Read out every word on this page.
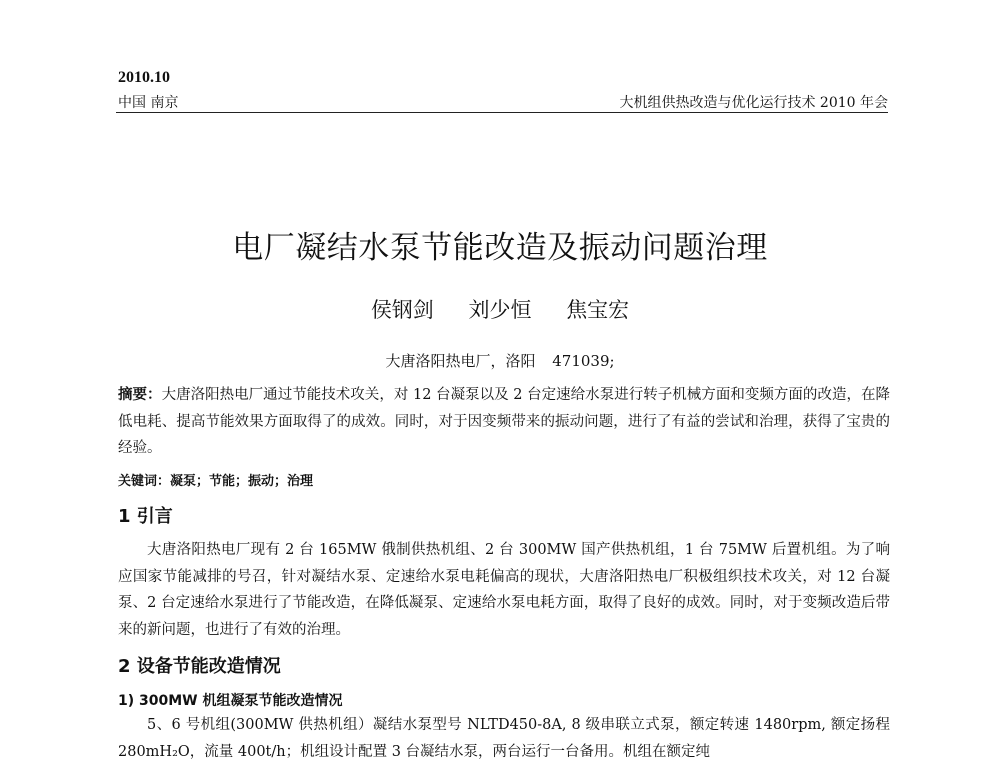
2010.10
中国 南京	大机组供热改造与优化运行技术 2010 年会
电厂凝结水泵节能改造及振动问题治理
侯钢剑 刘少恒 焦宝宏
大唐洛阳热电厂，洛阳 471039;
摘要：大唐洛阳热电厂通过节能技术攻关，对 12 台凝泵以及 2 台定速给水泵进行转子机械方面和变频方面的改造，在降低电耗、提高节能效果方面取得了的成效。同时，对于因变频带来的振动问题，进行了有益的尝试和治理，获得了宝贵的经验。
关键词：凝泵；节能；振动；治理
1 引言
大唐洛阳热电厂现有 2 台 165MW 俄制供热机组、2 台 300MW 国产供热机组，1 台 75MW 后置机组。为了响应国家节能减排的号召，针对凝结水泵、定速给水泵电耗偏高的现状，大唐洛阳热电厂积极组织技术攻关，对 12 台凝泵、2 台定速给水泵进行了节能改造，在降低凝泵、定速给水泵电耗方面，取得了良好的成效。同时，对于变频改造后带来的新问题，也进行了有效的治理。
2 设备节能改造情况
1) 300MW 机组凝泵节能改造情况
5、6 号机组(300MW 供热机组）凝结水泵型号 NLTD450-8A, 8 级串联立式泵，额定转速 1480rpm, 额定扬程 280mH₂O，流量 400t/h；机组设计配置 3 台凝结水泵，两台运行一台备用。机组在额定纯
